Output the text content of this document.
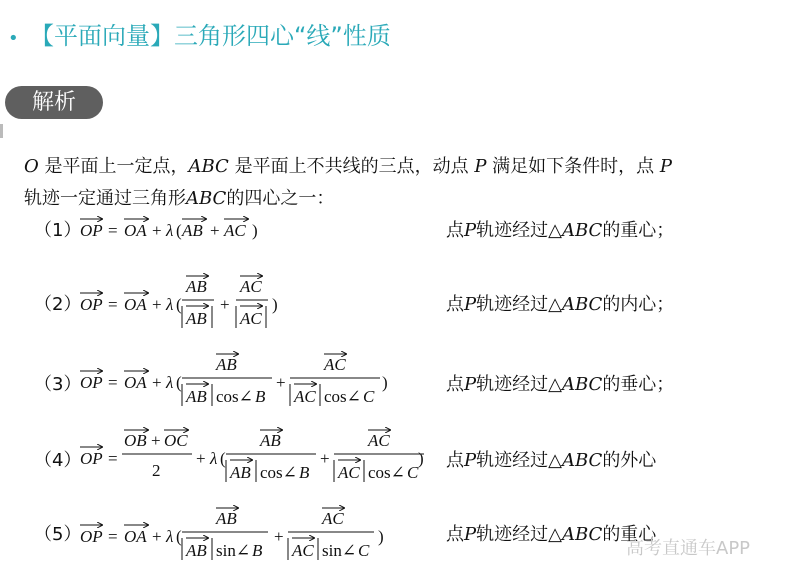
• 【平面向量】三角形四心“线”性质
解析
O 是平面上一定点，ABC 是平面上不共线的三点，动点 P 满足如下条件时，点 P
轨迹一定通过三角形ABC的四心之一：
（1）
OP = OA + λ ( AB + AC )	点P轨迹经过△ABC的重心；
（2）
OP = OA + λ (
AB
AB
+
AC
AC
)	点P轨迹经过△ABC的内心；
（3）
OP = OA + λ (
AB
AB cos∠ B
+
AC
AC cos∠ C
)	点P轨迹经过△ABC的垂心；
（4）
OP =
OB + OC
2
+ λ (
AB
AB cos∠ B
+
AC
AC cos∠ C
) 点P轨迹经过△ABC的外心
（5）
OP = OA + λ (
AB
AB sin∠ B
+
AC
AC sin∠ C
)	点P轨迹经过△ABC的重心
高考直通车APP
